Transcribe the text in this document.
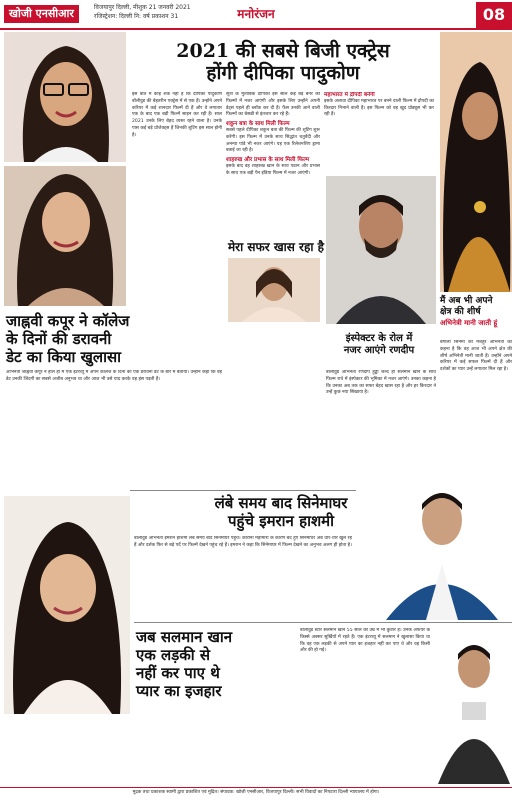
खोजी एनसीआर	विजयापुर दिल्ली, मीशुक 21 जनवरी 2021
रजिस्ट्रेशन: दिल्ली नि: वर्ष प्रकाशन 31	मनोरंजन	08
2021 की सबसे बिजी एक्ट्रेस
होंगी दीपिका पादुकोण
इस बात में कोई शक नहीं है कि दीपिका पादुकोण बॉलीवुड की बेहतरीन एक्ट्रेस में से एक हैं। उन्होंने अपने करियर में कई शानदार फिल्में दी हैं और वे लगातार एक के बाद एक बड़ी फिल्में साइन कर रही हैं। साल 2021 उनके लिए बेहद व्यस्त रहने वाला है। उनके पास कई बड़े प्रोजेक्ट्स हैं जिनकी शूटिंग इस साल होनी है।
सूत्रों के मुताबिक दीपिका इस साल कई बड़े बैनर की फिल्मों में नजर आएंगी और इसके लिए उन्होंने अपनी डेट्स पहले ही ब्लॉक कर दी हैं। फैंस उनकी आने वाली फिल्मों का बेसब्री से इंतजार कर रहे हैं।
शकुन बत्रा के साथ मिली फिल्म
सबसे पहले दीपिका शकुन बत्रा की फिल्म की शूटिंग शुरू करेंगी। इस फिल्म में उनके साथ सिद्धांत चतुर्वेदी और अनन्या पांडे भी नजर आएंगे। यह एक रिलेशनशिप ड्रामा बताई जा रही है।
शाहरुख और प्रभास के साथ मिली फिल्म
इसके बाद वह शाहरुख खान के साथ पठान और प्रभास के साथ एक बड़ी पैन इंडिया फिल्म में नजर आएंगी।
महाभारत में द्रौपदी बनेंगी
इसके अलावा दीपिका महाभारत पर बनने वाली फिल्म में द्रौपदी का किरदार निभाने वाली हैं। इस फिल्म को वह खुद प्रोड्यूस भी कर रही हैं।
मेरा सफर खास रहा है
बॉलीवुड अभिनेता रणदीप हुड्डा जल्द ही सलमान खान के साथ फिल्म राधे में इंस्पेक्टर की भूमिका में नजर आएंगे। उनका कहना है कि उनका अब तक का सफर बेहद खास रहा है और हर किरदार ने उन्हें कुछ नया सिखाया है।
इंस्पेक्टर के रोल में
नजर आएंगे रणदीप
जाह्नवी कपूर ने कॉलेज
के दिनों की डरावनी
डेट का किया खुलासा
अभिनेत्री जाह्नवी कपूर ने हाल ही में एक इंटरव्यू में अपने कॉलेज के दिनों की एक डरावनी डेट के बारे में बताया। उन्होंने कहा कि वह डेट उनकी जिंदगी का सबसे अजीब अनुभव था और आज भी उसे याद करके वह हंस पड़ती हैं।
मैं अब भी अपने
क्षेत्र की शीर्ष
अभिनेत्री मानी जाती हूं
बंगाली सिनेमा की मशहूर अभिनेत्री का कहना है कि वह आज भी अपने क्षेत्र की शीर्ष अभिनेत्री मानी जाती हैं। उन्होंने अपने करियर में कई सफल फिल्में दी हैं और दर्शकों का प्यार उन्हें लगातार मिल रहा है।
लंबे समय बाद सिनेमाघर
पहुंचे इमरान हाशमी
बॉलीवुड अभिनेता इमरान हाशमी लंबे समय बाद सिनेमाघर पहुंचे। कोरोना महामारी के कारण बंद हुए सिनेमाघर अब धीरे-धीरे खुल रहे हैं और दर्शक फिर से बड़े पर्दे पर फिल्में देखने पहुंच रहे हैं। इमरान ने कहा कि सिनेमाघर में फिल्म देखने का अनुभव अलग ही होता है।
जब सलमान खान
एक लड़की से
नहीं कर पाए थे
प्यार का इजहार
बॉलीवुड स्टार सलमान खान 55 साल की उम्र में भी कुंवारे हैं। उनके अफेयर के किस्से अक्सर सुर्खियों में रहते हैं। एक इंटरव्यू में सलमान ने खुलासा किया था कि वह एक लड़की से अपने प्यार का इजहार नहीं कर पाए थे और वह किसी और की हो गई।
मुद्रक तथा प्रकाशक स्वामी द्वारा प्रकाशित एवं मुद्रित। संपादक: खोजी एनसीआर, विजयापुर दिल्ली। सभी विवादों का निपटारा दिल्ली न्यायालय में होगा।
